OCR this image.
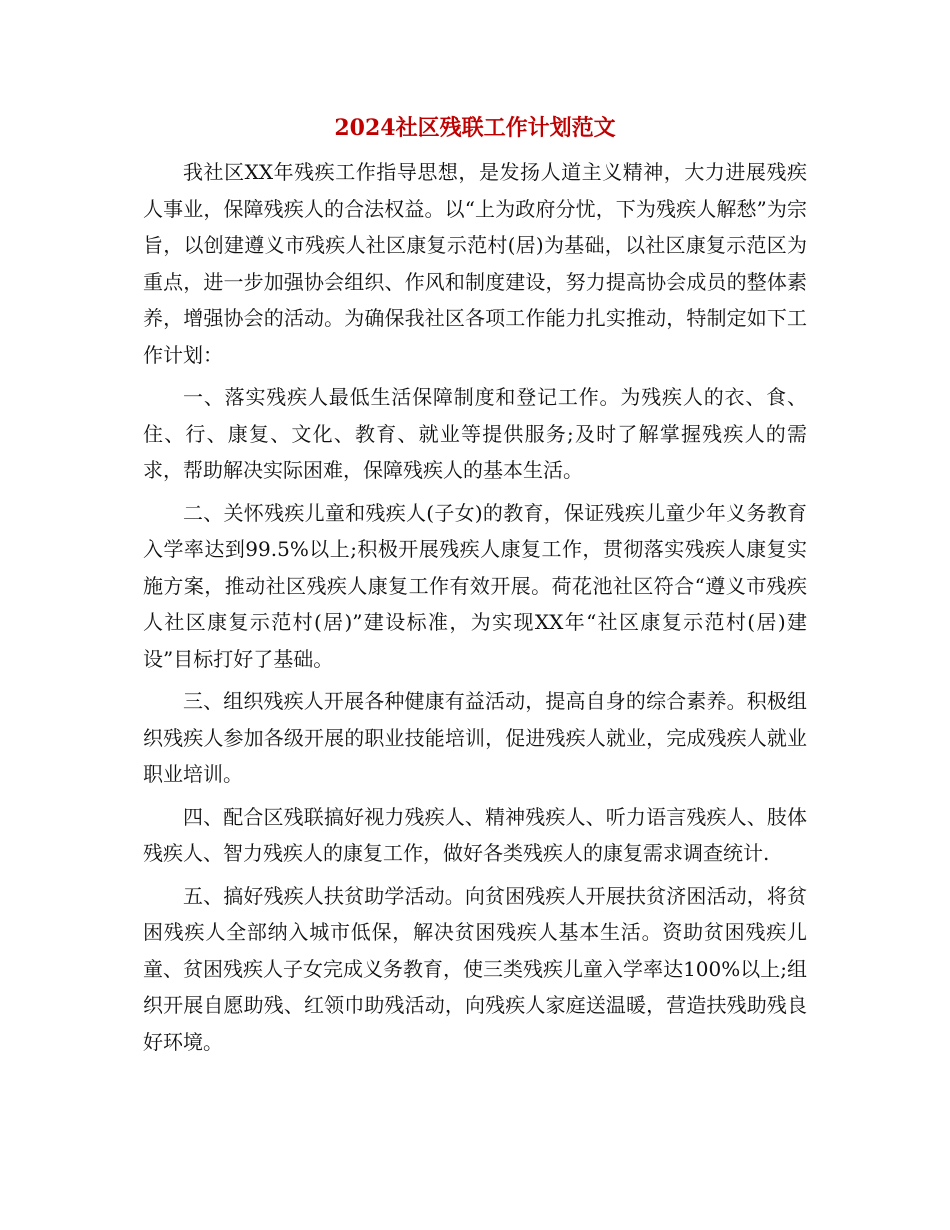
2024社区残联工作计划范文

我社区XX年残疾工作指导思想，是发扬人道主义精神，大力进展残疾人事业，保障残疾人的合法权益。以“上为政府分忧，下为残疾人解愁”为宗旨，以创建遵义市残疾人社区康复示范村(居)为基础，以社区康复示范区为重点，进一步加强协会组织、作风和制度建设，努力提高协会成员的整体素养，增强协会的活动。为确保我社区各项工作能力扎实推动，特制定如下工作计划：

一、落实残疾人最低生活保障制度和登记工作。为残疾人的衣、食、住、行、康复、文化、教育、就业等提供服务;及时了解掌握残疾人的需求，帮助解决实际困难，保障残疾人的基本生活。

二、关怀残疾儿童和残疾人(子女)的教育，保证残疾儿童少年义务教育入学率达到99.5%以上;积极开展残疾人康复工作，贯彻落实残疾人康复实施方案，推动社区残疾人康复工作有效开展。荷花池社区符合“遵义市残疾人社区康复示范村(居)”建设标准，为实现XX年“社区康复示范村(居)建设”目标打好了基础。

三、组织残疾人开展各种健康有益活动，提高自身的综合素养。积极组织残疾人参加各级开展的职业技能培训，促进残疾人就业，完成残疾人就业职业培训。

四、配合区残联搞好视力残疾人、精神残疾人、听力语言残疾人、肢体残疾人、智力残疾人的康复工作，做好各类残疾人的康复需求调查统计.

五、搞好残疾人扶贫助学活动。向贫困残疾人开展扶贫济困活动，将贫困残疾人全部纳入城市低保，解决贫困残疾人基本生活。资助贫困残疾儿童、贫困残疾人子女完成义务教育，使三类残疾儿童入学率达100%以上;组织开展自愿助残、红领巾助残活动，向残疾人家庭送温暖，营造扶残助残良好环境。
